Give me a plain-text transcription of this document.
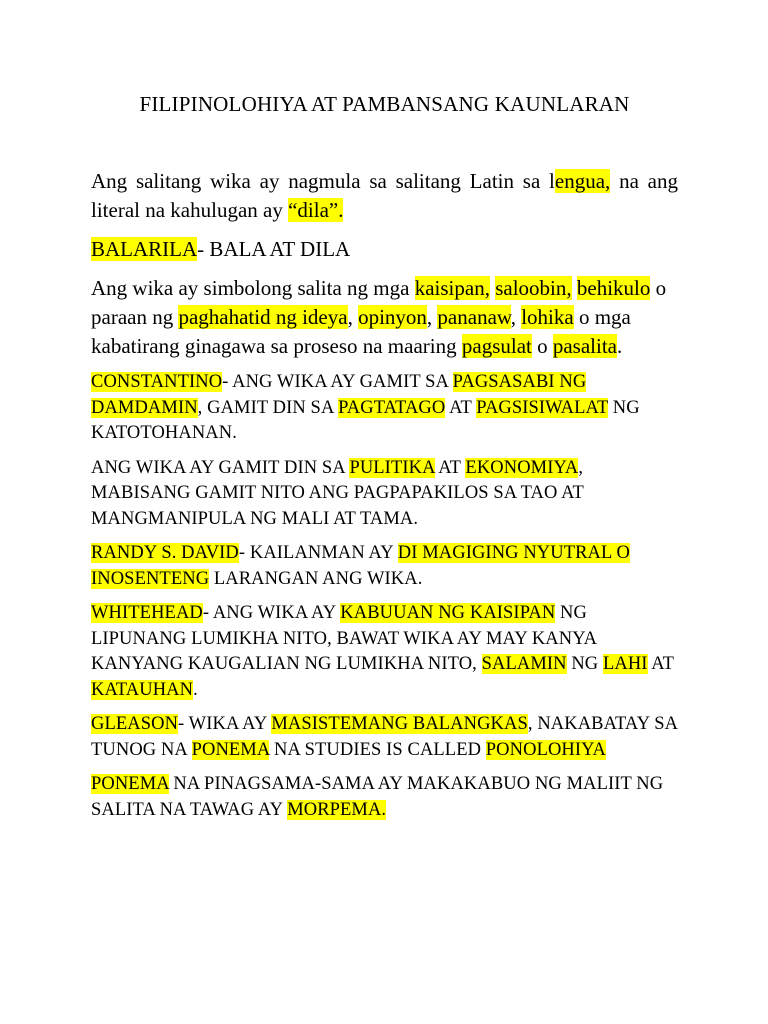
FILIPINOLOHIYA AT PAMBANSANG KAUNLARAN

Ang salitang wika ay nagmula sa salitang Latin sa lengua, na ang literal na kahulugan ay “dila”.

BALARILA- BALA AT DILA

Ang wika ay simbolong salita ng mga kaisipan, saloobin, behikulo o paraan ng paghahatid ng ideya, opinyon, pananaw, lohika o mga kabatirang ginagawa sa proseso na maaring pagsulat o pasalita.

CONSTANTINO- ANG WIKA AY GAMIT SA PAGSASABI NG DAMDAMIN, GAMIT DIN SA PAGTATAGO AT PAGSISIWALAT NG KATOTOHANAN.

ANG WIKA AY GAMIT DIN SA PULITIKA AT EKONOMIYA, MABISANG GAMIT NITO ANG PAGPAPAKILOS SA TAO AT MANGMANIPULA NG MALI AT TAMA.

RANDY S. DAVID- KAILANMAN AY DI MAGIGING NYUTRAL O INOSENTENG LARANGAN ANG WIKA.

WHITEHEAD- ANG WIKA AY KABUUAN NG KAISIPAN NG LIPUNANG LUMIKHA NITO, BAWAT WIKA AY MAY KANYA KANYANG KAUGALIAN NG LUMIKHA NITO, SALAMIN NG LAHI AT KATAUHAN.

GLEASON- WIKA AY MASISTEMANG BALANGKAS, NAKABATAY SA TUNOG NA PONEMA NA STUDIES IS CALLED PONOLOHIYA

PONEMA NA PINAGSAMA-SAMA AY MAKAKABUO NG MALIIT NG SALITA NA TAWAG AY MORPEMA.
